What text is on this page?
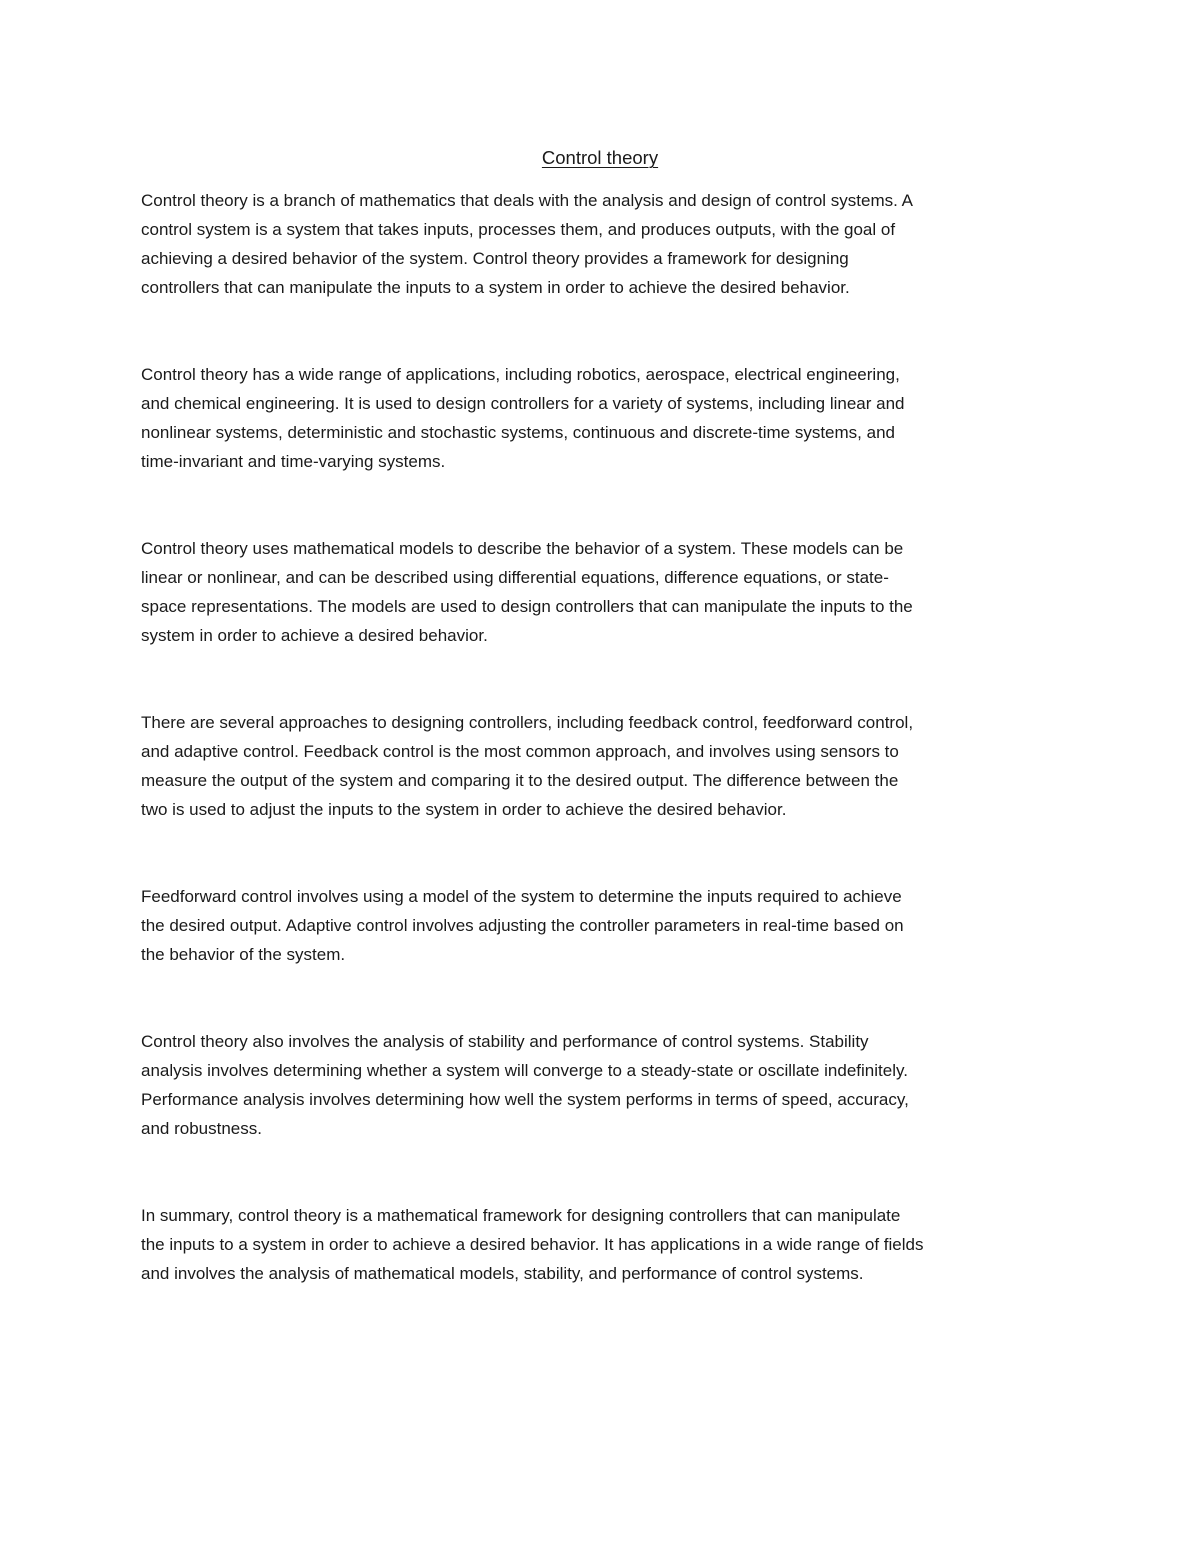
Control theory

Control theory is a branch of mathematics that deals with the analysis and design of control systems. A
control system is a system that takes inputs, processes them, and produces outputs, with the goal of
achieving a desired behavior of the system. Control theory provides a framework for designing
controllers that can manipulate the inputs to a system in order to achieve the desired behavior.

Control theory has a wide range of applications, including robotics, aerospace, electrical engineering,
and chemical engineering. It is used to design controllers for a variety of systems, including linear and
nonlinear systems, deterministic and stochastic systems, continuous and discrete-time systems, and
time-invariant and time-varying systems.

Control theory uses mathematical models to describe the behavior of a system. These models can be
linear or nonlinear, and can be described using differential equations, difference equations, or state-
space representations. The models are used to design controllers that can manipulate the inputs to the
system in order to achieve a desired behavior.

There are several approaches to designing controllers, including feedback control, feedforward control,
and adaptive control. Feedback control is the most common approach, and involves using sensors to
measure the output of the system and comparing it to the desired output. The difference between the
two is used to adjust the inputs to the system in order to achieve the desired behavior.

Feedforward control involves using a model of the system to determine the inputs required to achieve
the desired output. Adaptive control involves adjusting the controller parameters in real-time based on
the behavior of the system.

Control theory also involves the analysis of stability and performance of control systems. Stability
analysis involves determining whether a system will converge to a steady-state or oscillate indefinitely.
Performance analysis involves determining how well the system performs in terms of speed, accuracy,
and robustness.

In summary, control theory is a mathematical framework for designing controllers that can manipulate
the inputs to a system in order to achieve a desired behavior. It has applications in a wide range of fields
and involves the analysis of mathematical models, stability, and performance of control systems.
